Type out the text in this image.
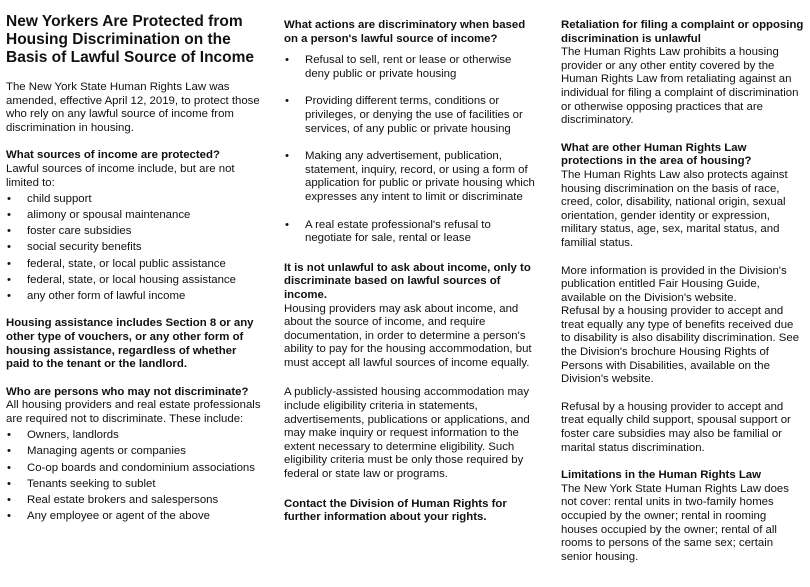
New Yorkers Are Protected from Housing Discrimination on the Basis of Lawful Source of Income

The New York State Human Rights Law was amended, effective April 12, 2019, to protect those who rely on any lawful source of income from discrimination in housing.

What sources of income are protected?

Lawful sources of income include, but are not limited to:

• child support
• alimony or spousal maintenance
• foster care subsidies
• social security benefits
• federal, state, or local public assistance
• federal, state, or local housing assistance
• any other form of lawful income

Housing assistance includes Section 8 or any other type of vouchers, or any other form of housing assistance, regardless of whether paid to the tenant or the landlord.

Who are persons who may not discriminate?

All housing providers and real estate professionals are required not to discriminate. These include:

• Owners, landlords
• Managing agents or companies
• Co-op boards and condominium associations
• Tenants seeking to sublet
• Real estate brokers and salespersons
• Any employee or agent of the above

What actions are discriminatory when based on a person's lawful source of income?

• Refusal to sell, rent or lease or otherwise deny public or private housing
• Providing different terms, conditions or privileges, or denying the use of facilities or services, of any public or private housing
• Making any advertisement, publication, statement, inquiry, record, or using a form of application for public or private housing which expresses any intent to limit or discriminate
• A real estate professional's refusal to negotiate for sale, rental or lease

It is not unlawful to ask about income, only to discriminate based on lawful sources of income.

Housing providers may ask about income, and about the source of income, and require documentation, in order to determine a person's ability to pay for the housing accommodation, but must accept all lawful sources of income equally.

A publicly-assisted housing accommodation may include eligibility criteria in statements, advertisements, publications or applications, and may make inquiry or request information to the extent necessary to determine eligibility. Such eligibility criteria must be only those required by federal or state law or programs.

Contact the Division of Human Rights for further information about your rights.

Retaliation for filing a complaint or opposing discrimination is unlawful

The Human Rights Law prohibits a housing provider or any other entity covered by the Human Rights Law from retaliating against an individual for filing a complaint of discrimination or otherwise opposing practices that are discriminatory.

What are other Human Rights Law protections in the area of housing?

The Human Rights Law also protects against housing discrimination on the basis of race, creed, color, disability, national origin, sexual orientation, gender identity or expression, military status, age, sex, marital status, and familial status.

More information is provided in the Division's publication entitled Fair Housing Guide, available on the Division's website.

Refusal by a housing provider to accept and treat equally any type of benefits received due to disability is also disability discrimination. See the Division's brochure Housing Rights of Persons with Disabilities, available on the Division's website.

Refusal by a housing provider to accept and treat equally child support, spousal support or foster care subsidies may also be familial or marital status discrimination.

Limitations in the Human Rights Law

The New York State Human Rights Law does not cover: rental units in two-family homes occupied by the owner; rental in rooming houses occupied by the owner; rental of all rooms to persons of the same sex; certain senior housing.
